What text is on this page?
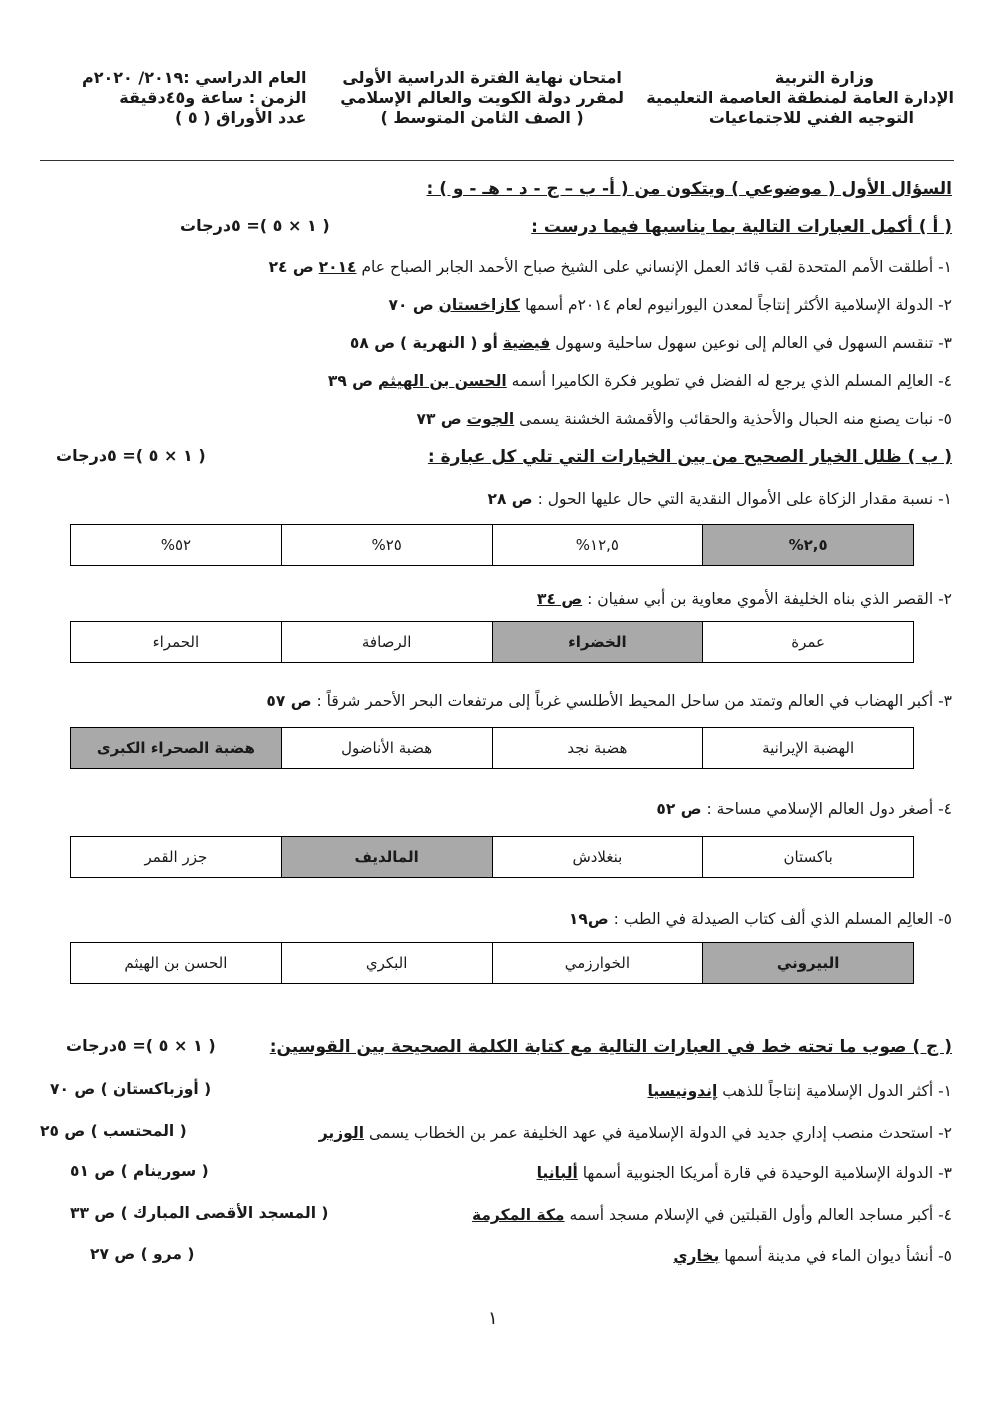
وزارة التربية
الإدارة العامة لمنطقة العاصمة التعليمية
التوجيه الفني للاجتماعيات
امتحان نهاية الفترة الدراسية الأولى
لمقرر دولة الكويت والعالم الإسلامي
( الصف الثامن المتوسط )
العام الدراسي :٢٠١٩/ ٢٠٢٠م
الزمن : ساعة و٤٥دقيقة
عدد الأوراق ( ٥ )
السؤال الأول ( موضوعي ) ويتكون من ( أ- ب – ج - د - هـ - و ) :
( أ ) أكمل العبارات التالية بما يناسبها فيما درست :
( ١ × ٥ )= ٥درجات
١- أطلقت الأمم المتحدة لقب قائد العمل الإنساني على الشيخ صباح الأحمد الجابر الصباح عام ٢٠١٤ ص ٢٤
٢- الدولة الإسلامية الأكثر إنتاجاً لمعدن اليورانيوم لعام ٢٠١٤م أسمها كازاخستان ص ٧٠
٣- تنقسم السهول في العالم إلى نوعين سهول ساحلية وسهول فيضية أو ( النهرية ) ص ٥٨
٤- العالِم المسلم الذي يرجع له الفضل في تطوير فكرة الكاميرا أسمه الحسن بن الهيثم ص ٣٩
٥- نبات يصنع منه الحبال والأحذية والحقائب والأقمشة الخشنة يسمى الجوت ص ٧٣
( ب ) ظلل الخيار الصحيح من بين الخيارات التي تلي كل عبارة :
( ١ × ٥ )= ٥درجات
١- نسبة مقدار الزكاة على الأموال النقدية التي حال عليها الحول : ص ٢٨
٢,٥%
١٢,٥%
٢٥%
٥٢%
٢- القصر الذي بناه الخليفة الأموي معاوية بن أبي سفيان : ص ٣٤
عمرة
الخضراء
الرصافة
الحمراء
٣- أكبر الهضاب في العالم وتمتد من ساحل المحيط الأطلسي غرباً إلى مرتفعات البحر الأحمر شرقاً : ص ٥٧
الهضبة الإيرانية
هضبة نجد
هضبة الأناضول
هضبة الصحراء الكبرى
٤- أصغر دول العالم الإسلامي مساحة : ص ٥٢
باكستان
بنغلادش
المالديف
جزر القمر
٥- العالِم المسلم الذي ألف كتاب الصيدلة في الطب : ص١٩
البيروني
الخوارزمي
البكري
الحسن بن الهيثم
( ج ) صوب ما تحته خط في العبارات التالية مع كتابة الكلمة الصحيحة بين القوسين:
( ١ × ٥ )= ٥درجات
١- أكثر الدول الإسلامية إنتاجاً للذهب إندونيسيا
( أوزباكستان ) ص ٧٠
٢- استحدث منصب إداري جديد في الدولة الإسلامية في عهد الخليفة عمر بن الخطاب يسمى الوزير
( المحتسب ) ص ٢٥
٣- الدولة الإسلامية الوحيدة في قارة أمريكا الجنوبية أسمها ألبانيا
( سورينام ) ص ٥١
٤- أكبر مساجد العالم وأول القبلتين في الإسلام مسجد أسمه مكة المكرمة
( المسجد الأقصى المبارك ) ص ٣٣
٥- أنشأ ديوان الماء في مدينة أسمها بخاري
( مرو ) ص ٢٧
١
